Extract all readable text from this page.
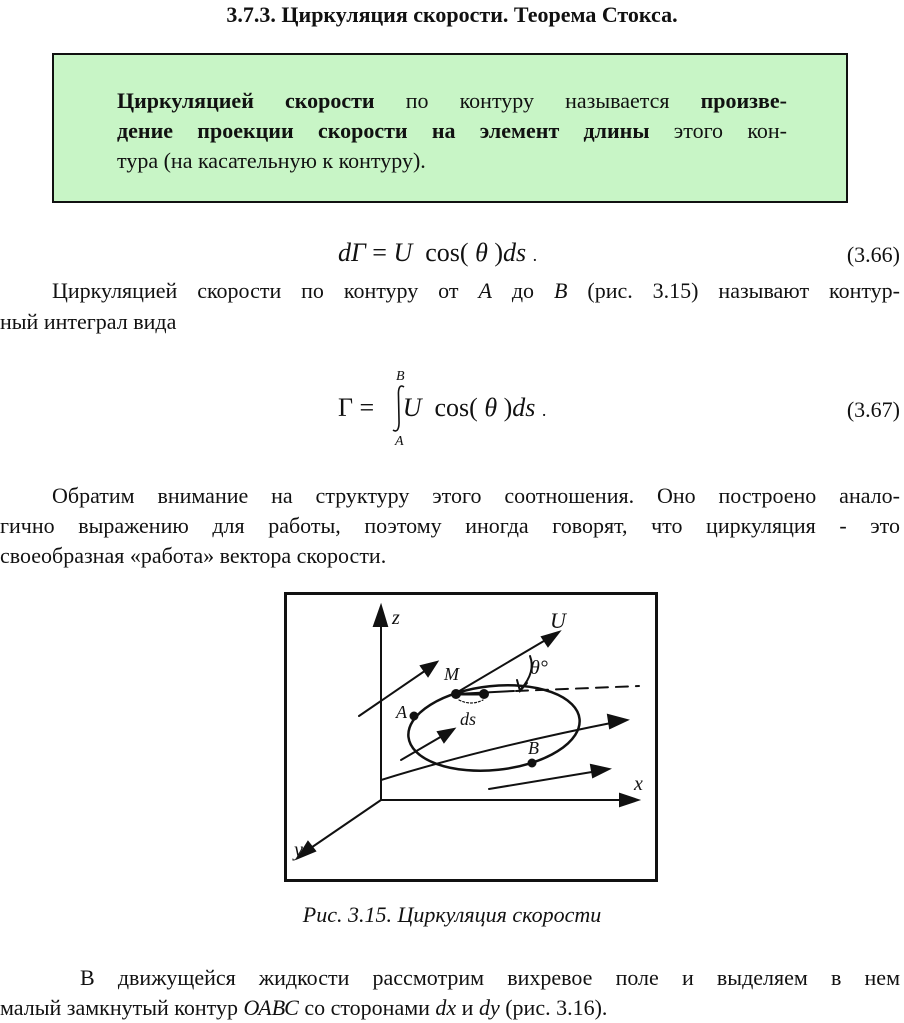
3.7.3. Циркуляция скорости. Теорема Стокса.
Циркуляцией скорости по контуру называется произве-
дение проекции скорости на элемент длины этого кон-
тура (на касательную к контуру).
dΓ = U cos( θ )ds .	(3.66)
Циркуляцией скорости по контуру от A до B (рис. 3.15) называют контур-
ный интеграл вида
Γ = U cos( θ )ds .
B
A
(3.67)
Обратим внимание на структуру этого соотношения. Оно построено анало-
гично выражению для работы, поэтому иногда говорят, что циркуляция - это
своеобразная «работа» вектора скорости.
z
y.
x
U
θ°
M
A	ds
B
Рис. 3.15. Циркуляция скорости
В движущейся жидкости рассмотрим вихревое поле и выделяем в нем
малый замкнутый контур ОАВС со сторонами dx и dy (рис. 3.16).
